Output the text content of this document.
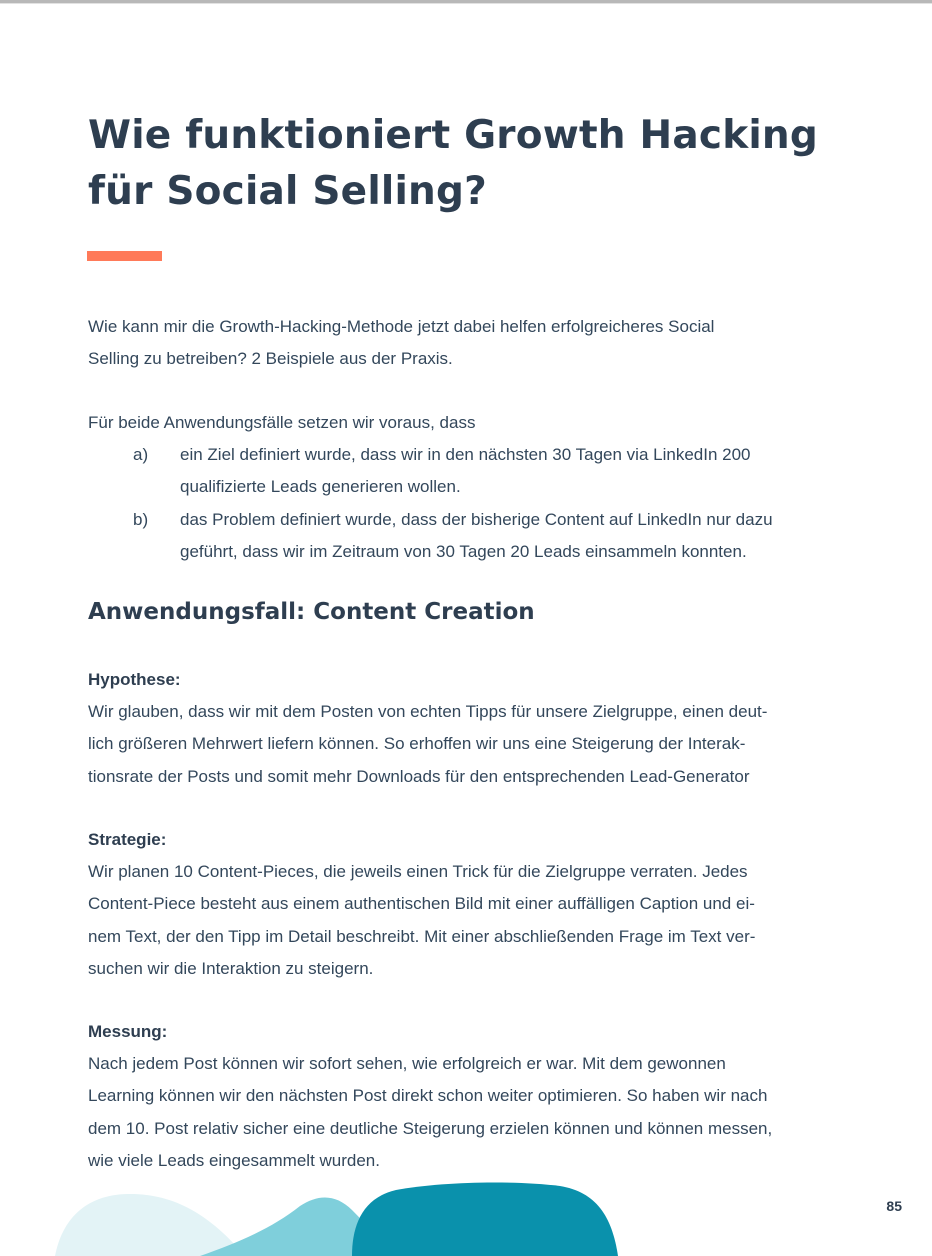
Wie funktioniert Growth Hacking
für Social Selling?

Wie kann mir die Growth-Hacking-Methode jetzt dabei helfen erfolgreicheres Social
Selling zu betreiben? 2 Beispiele aus der Praxis.

Für beide Anwendungsfälle setzen wir voraus, dass

a) ein Ziel definiert wurde, dass wir in den nächsten 30 Tagen via LinkedIn 200
qualifizierte Leads generieren wollen.
b) das Problem definiert wurde, dass der bisherige Content auf LinkedIn nur dazu
geführt, dass wir im Zeitraum von 30 Tagen 20 Leads einsammeln konnten.
Anwendungsfall: Content Creation

Hypothese:

Wir glauben, dass wir mit dem Posten von echten Tipps für unsere Zielgruppe, einen deut-
lich größeren Mehrwert liefern können. So erhoffen wir uns eine Steigerung der Interak-
tionsrate der Posts und somit mehr Downloads für den entsprechenden Lead-Generator

Strategie:

Wir planen 10 Content-Pieces, die jeweils einen Trick für die Zielgruppe verraten. Jedes
Content-Piece besteht aus einem authentischen Bild mit einer auffälligen Caption und ei-
nem Text, der den Tipp im Detail beschreibt. Mit einer abschließenden Frage im Text ver-
suchen wir die Interaktion zu steigern.

Messung:

Nach jedem Post können wir sofort sehen, wie erfolgreich er war. Mit dem gewonnen
Learning können wir den nächsten Post direkt schon weiter optimieren. So haben wir nach
dem 10. Post relativ sicher eine deutliche Steigerung erzielen können und können messen,
wie viele Leads eingesammelt wurden.

85
